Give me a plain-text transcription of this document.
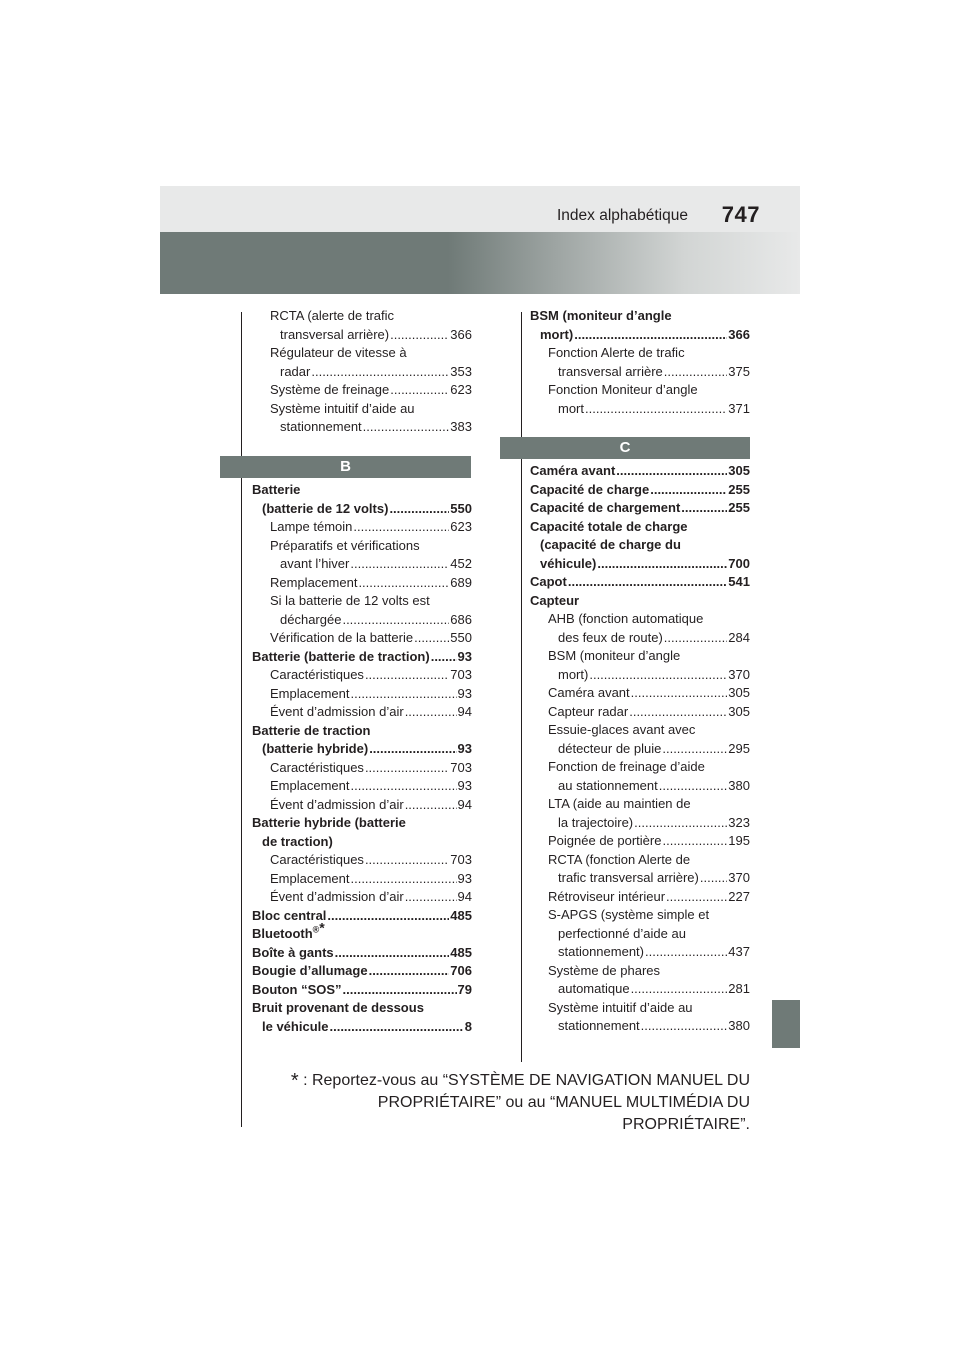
Index alphabétique 747
RCTA (alerte de trafic
transversal arrière) .....	366
Régulateur de vitesse à
radar .....	353
Système de freinage .....	623
Système intuitif d’aide au
stationnement .....	383
B
Batterie
(batterie de 12 volts) .....	550
Lampe témoin .....	623
Préparatifs et vérifications
avant l’hiver .....	452
Remplacement .....	689
Si la batterie de 12 volts est
déchargée .....	686
Vérification de la batterie .....	550
Batterie (batterie de traction) ..... 93
Caractéristiques .....	703
Emplacement .....	93
Évent d’admission d’air .....	94
Batterie de traction
(batterie hybride) .....	93
Caractéristiques .....	703
Emplacement .....	93
Évent d’admission d’air .....	94
Batterie hybride (batterie
de traction)
Caractéristiques .....	703
Emplacement .....	93
Évent d’admission d’air .....	94
Bloc central .....	485
Bluetooth®*
Boîte à gants .....	485
Bougie d’allumage .....	706
Bouton “SOS” .....	79
Bruit provenant de dessous
le véhicule .....	8
BSM (moniteur d’angle
mort) .....	366
Fonction Alerte de trafic
transversal arrière .....	375
Fonction Moniteur d’angle
mort .....	371
C
Caméra avant .....	305
Capacité de charge .....	255
Capacité de chargement .....	255
Capacité totale de charge
(capacité de charge du
véhicule) .....	700
Capot .....	541
Capteur
AHB (fonction automatique
des feux de route) .....	284
BSM (moniteur d’angle
mort) .....	370
Caméra avant .....	305
Capteur radar .....	305
Essuie-glaces avant avec
détecteur de pluie .....	295
Fonction de freinage d’aide
au stationnement .....	380
LTA (aide au maintien de
la trajectoire) .....	323
Poignée de portière .....	195
RCTA (fonction Alerte de
trafic transversal arrière) ..... 370
Rétroviseur intérieur .....	227
S-APGS (système simple et
perfectionné d’aide au
stationnement) .....	437
Système de phares
automatique .....	281
Système intuitif d’aide au
stationnement .....	380
* : Reportez-vous au “SYSTÈME DE NAVIGATION MANUEL DU
PROPRIÉTAIRE” ou au “MANUEL MULTIMÉDIA DU PROPRIÉTAIRE”.
